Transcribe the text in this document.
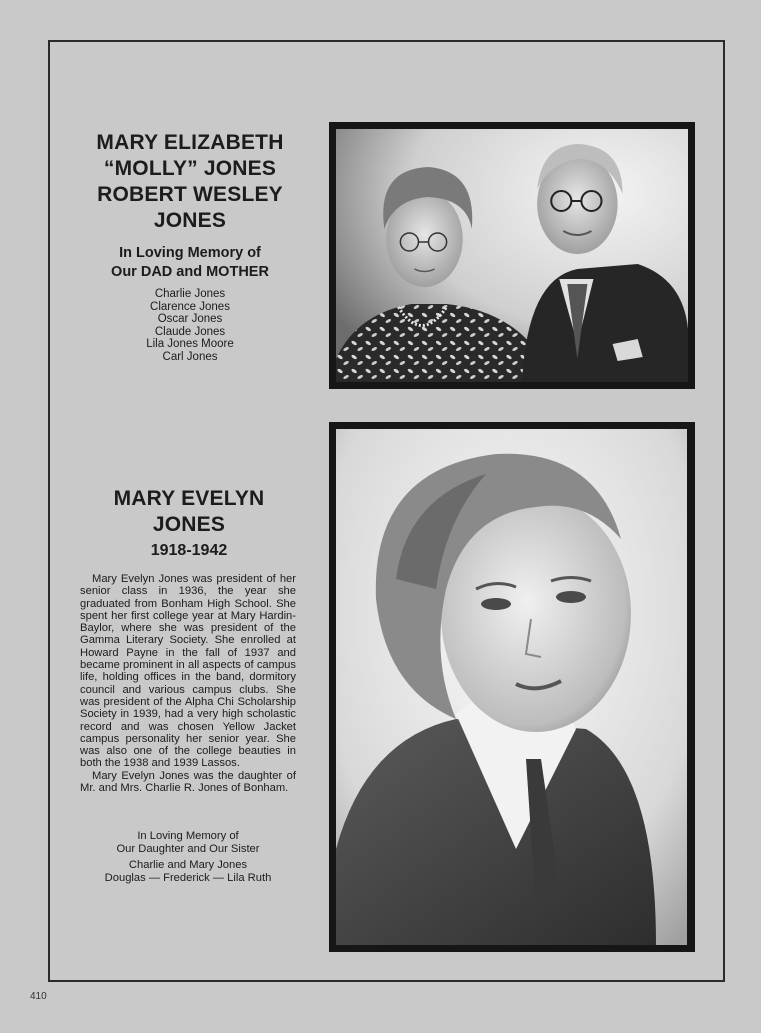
MARY ELIZABETH
“MOLLY” JONES
ROBERT WESLEY
JONES
In Loving Memory of
Our DAD and MOTHER

Charlie Jones
Clarence Jones
Oscar Jones
Claude Jones
Lila Jones Moore
Carl Jones

MARY EVELYN
JONES

1918-1942

Mary Evelyn Jones was president of her senior class in 1936, the year she graduated from Bonham High School. She spent her first college year at Mary Hardin-Baylor, where she was president of the Gamma Literary Society. She enrolled at Howard Payne in the fall of 1937 and became prominent in all aspects of campus life, holding offices in the band, dormitory council and various campus clubs. She was president of the Alpha Chi Scholarship Society in 1939, had a very high scholastic record and was chosen Yellow Jacket campus personality her senior year. She was also one of the college beauties in both the 1938 and 1939 Lassos.

Mary Evelyn Jones was the daughter of Mr. and Mrs. Charlie R. Jones of Bonham.

In Loving Memory of

Our Daughter and Our Sister

Charlie and Mary Jones

Douglas — Frederick — Lila Ruth

410
